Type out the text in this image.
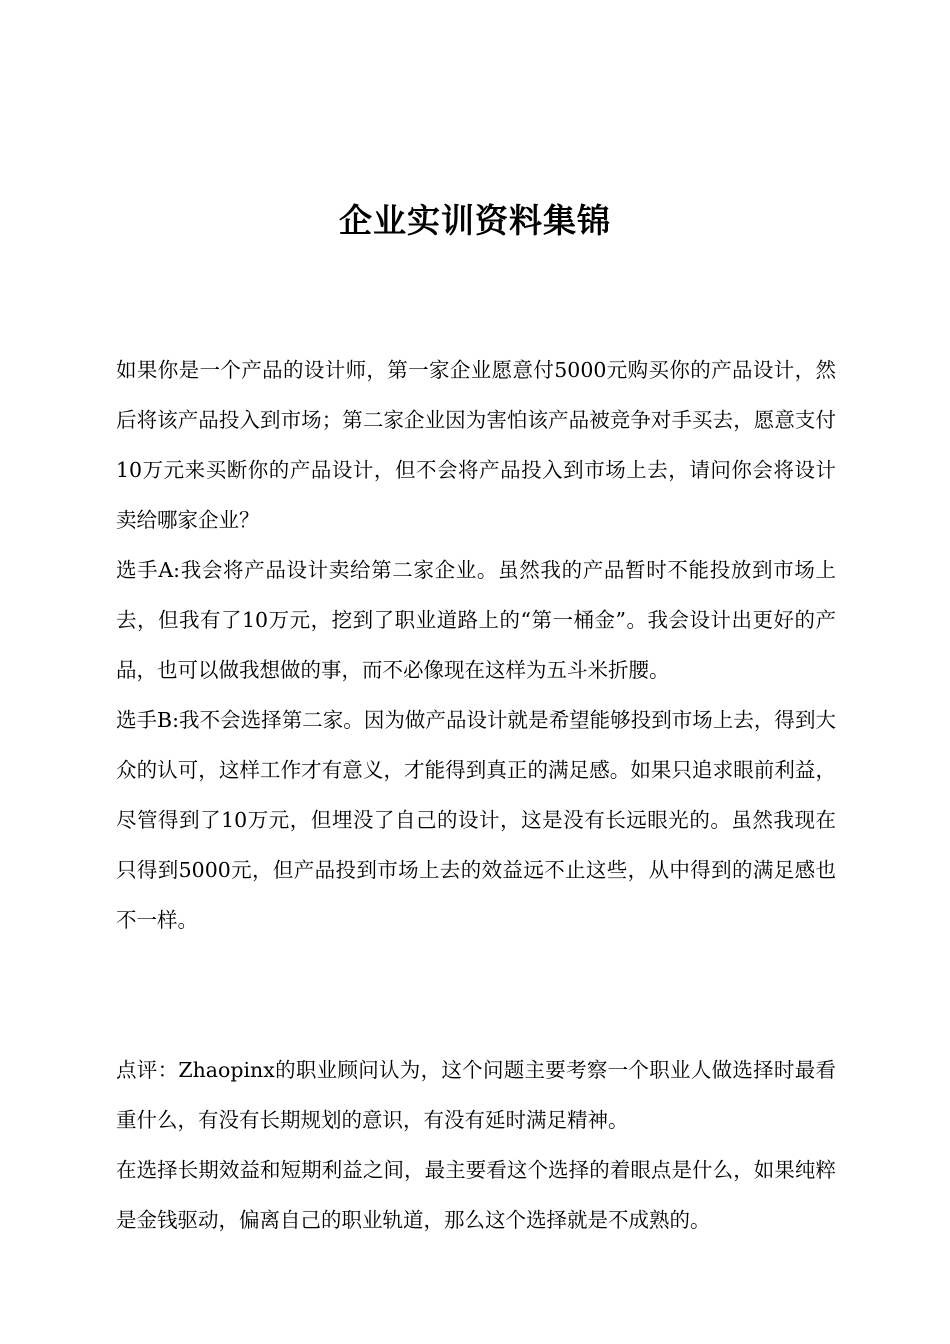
企业实训资料集锦

如果你是一个产品的设计师，第一家企业愿意付5000元购买你的产品设计，然后将该产品投入到市场；第二家企业因为害怕该产品被竞争对手买去，愿意支付10万元来买断你的产品设计，但不会将产品投入到市场上去，请问你会将设计卖给哪家企业？

选手A:我会将产品设计卖给第二家企业。虽然我的产品暂时不能投放到市场上去，但我有了10万元，挖到了职业道路上的“第一桶金”。我会设计出更好的产品，也可以做我想做的事，而不必像现在这样为五斗米折腰。

选手B:我不会选择第二家。因为做产品设计就是希望能够投到市场上去，得到大众的认可，这样工作才有意义，才能得到真正的满足感。如果只追求眼前利益，尽管得到了10万元，但埋没了自己的设计，这是没有长远眼光的。虽然我现在只得到5000元，但产品投到市场上去的效益远不止这些，从中得到的满足感也不一样。

点评：Zhaopinx的职业顾问认为，这个问题主要考察一个职业人做选择时最看重什么，有没有长期规划的意识，有没有延时满足精神。

在选择长期效益和短期利益之间，最主要看这个选择的着眼点是什么，如果纯粹是金钱驱动，偏离自己的职业轨道，那么这个选择就是不成熟的。
